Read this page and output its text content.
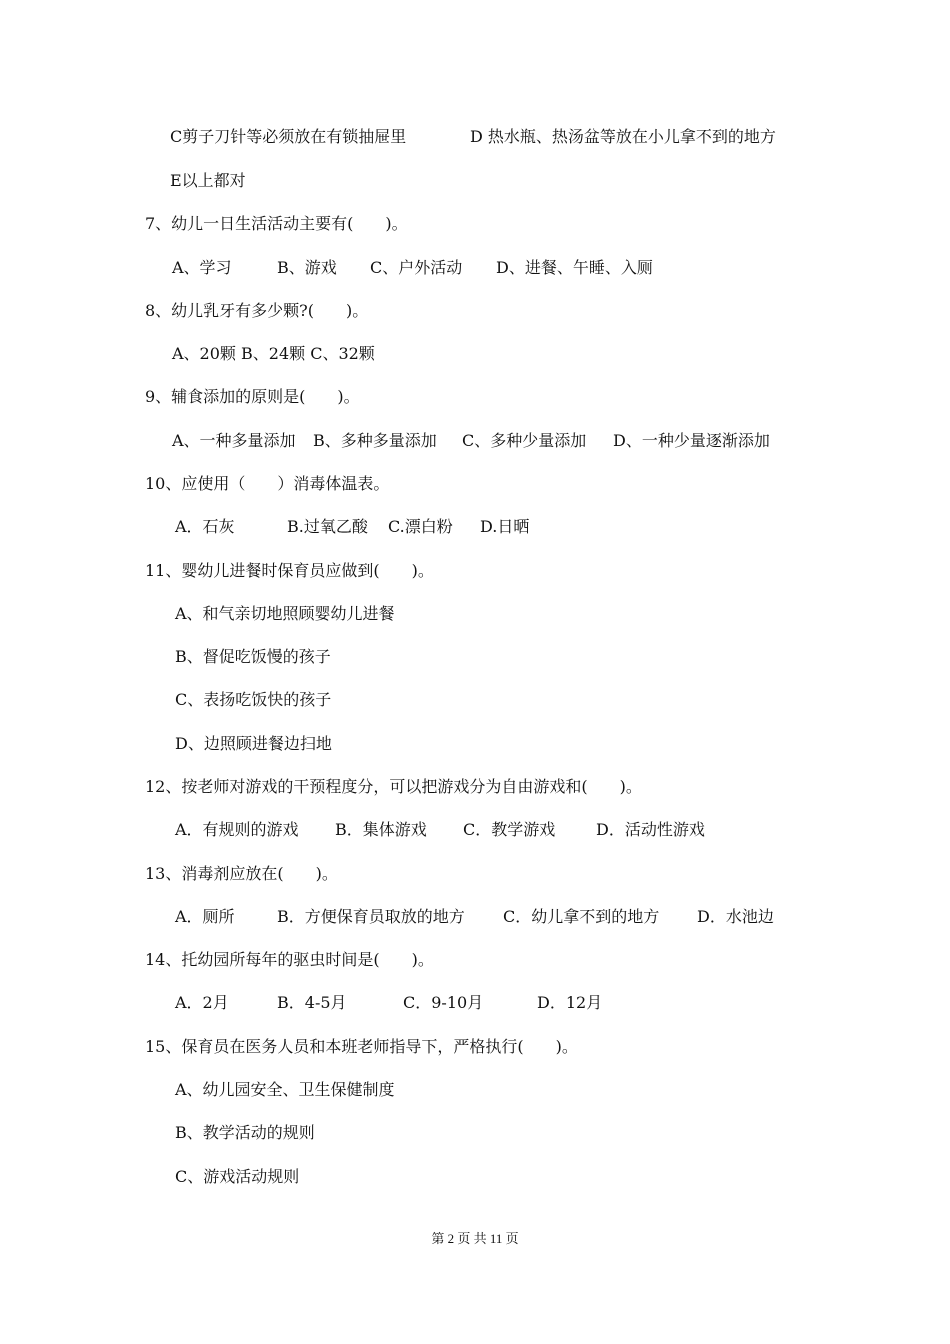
C剪子刀针等必须放在有锁抽屉里	D 热水瓶、热汤盆等放在小儿拿不到的地方
E以上都对
7、幼儿一日生活活动主要有(　　)。
A、学习	B、游戏 C、户外活动 D、进餐、午睡、入厕
8、幼儿乳牙有多少颗?(　　)。
A、20颗 B、24颗 C、32颗
9、辅食添加的原则是(　　)。
A、一种多量添加 B、多种多量添加 C、多种少量添加 D、一种少量逐渐添加
10、应使用（　　）消毒体温表。
A．石灰	B.过氧乙酸 C.漂白粉 D.日晒
11、婴幼儿进餐时保育员应做到(　　)。
A、和气亲切地照顾婴幼儿进餐
B、督促吃饭慢的孩子
C、表扬吃饭快的孩子
D、边照顾进餐边扫地
12、按老师对游戏的干预程度分，可以把游戏分为自由游戏和(　　)。
A．有规则的游戏 B．集体游戏 C．教学游戏	D．活动性游戏
13、消毒剂应放在(　　)。
A．厕所	B．方便保育员取放的地方 C．幼儿拿不到的地方 D．水池边
14、托幼园所每年的驱虫时间是(　　)。
A．2月	B．4-5月	C．9-10月	D．12月
15、保育员在医务人员和本班老师指导下，严格执行(　　)。
A、幼儿园安全、卫生保健制度
B、教学活动的规则
C、游戏活动规则
第 2 页 共 11 页
